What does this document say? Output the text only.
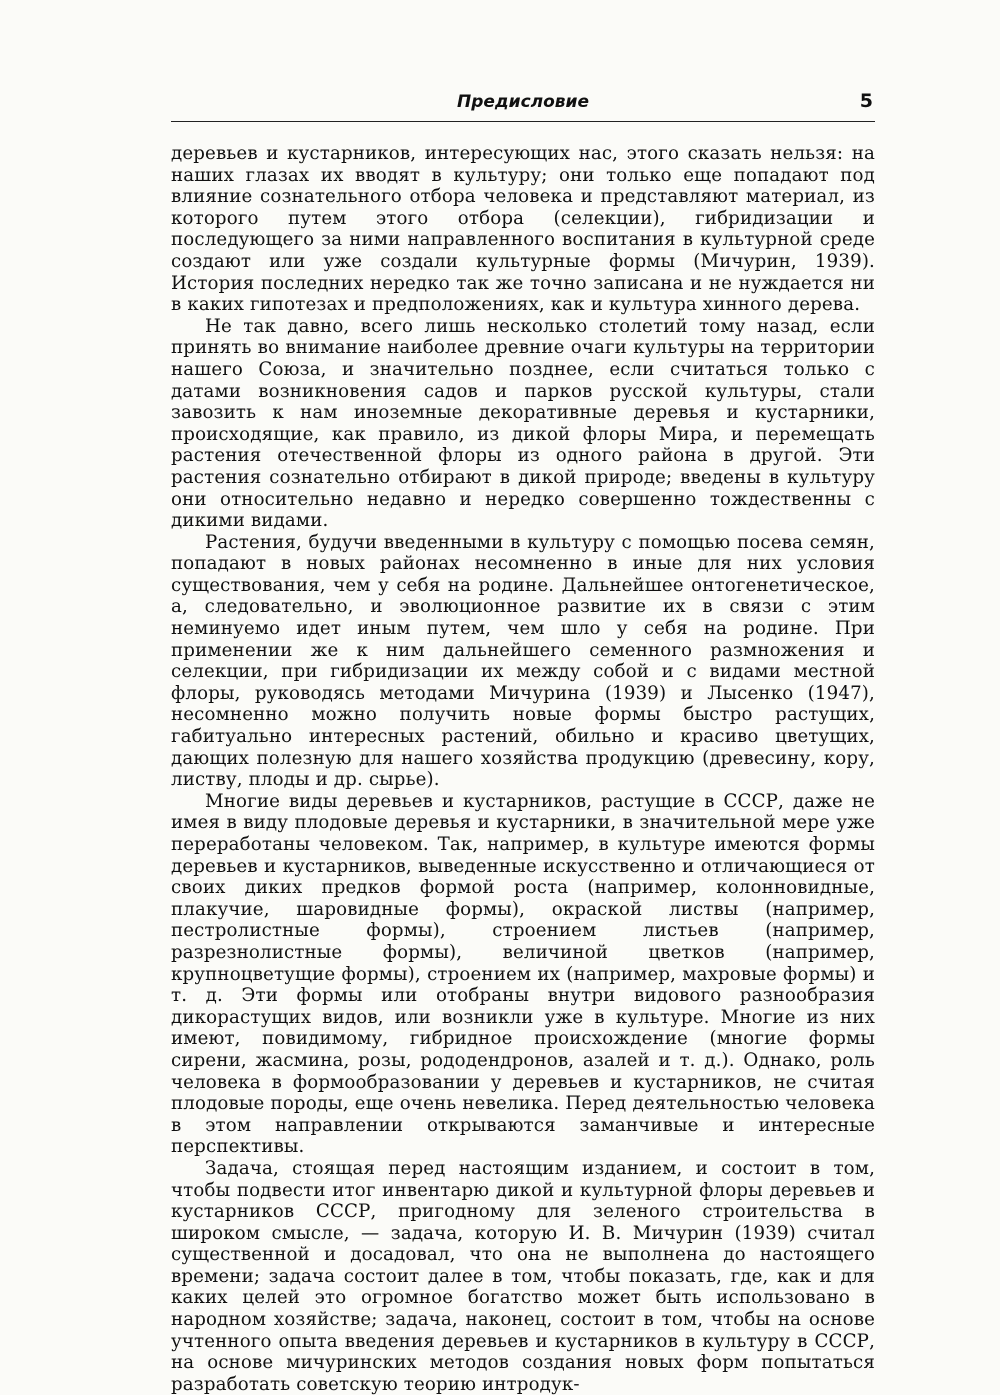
Предисловие	5

деревьев и кустарников, интересующих нас, этого сказать нельзя: на наших глазах их вводят в культуру; они только еще попадают под влияние сознательного отбора человека и представляют материал, из которого путем этого отбора (селекции), гибридизации и последующего за ними направленного воспитания в культурной среде создают или уже создали культурные формы (Мичурин, 1939). История последних нередко так же точно записана и не нуждается ни в каких гипотезах и предположениях, как и культура хинного дерева.

Не так давно, всего лишь несколько столетий тому назад, если принять во внимание наиболее древние очаги культуры на территории нашего Союза, и значительно позднее, если считаться только с датами возникновения садов и парков русской культуры, стали завозить к нам иноземные декоративные деревья и кустарники, происходящие, как правило, из дикой флоры Мира, и перемещать растения отечественной флоры из одного района в другой. Эти растения сознательно отбирают в дикой природе; введены в культуру они относительно недавно и нередко совершенно тождественны с дикими видами.

Растения, будучи введенными в культуру с помощью посева семян, попадают в новых районах несомненно в иные для них условия существования, чем у себя на родине. Дальнейшее онтогенетическое, а, следовательно, и эволюционное развитие их в связи с этим неминуемо идет иным путем, чем шло у себя на родине. При применении же к ним дальнейшего семенного размножения и селекции, при гибридизации их между собой и с видами местной флоры, руководясь методами Мичурина (1939) и Лысенко (1947), несомненно можно получить новые формы быстро растущих, габитуально интересных растений, обильно и красиво цветущих, дающих полезную для нашего хозяйства продукцию (древесину, кору, листву, плоды и др. сырье).

Многие виды деревьев и кустарников, растущие в СССР, даже не имея в виду плодовые деревья и кустарники, в значительной мере уже переработаны человеком. Так, например, в культуре имеются формы деревьев и кустарников, выведенные искусственно и отличающиеся от своих диких предков формой роста (например, колонновидные, плакучие, шаровидные формы), окраской листвы (например, пестролистные формы), строением листьев (например, разрезнолистные формы), величиной цветков (например, крупноцветущие формы), строением их (например, махровые формы) и т. д. Эти формы или отобраны внутри видового разнообразия дикорастущих видов, или возникли уже в культуре. Многие из них имеют, повидимому, гибридное происхождение (многие формы сирени, жасмина, розы, рододендронов, азалей и т. д.). Однако, роль человека в формообразовании у деревьев и кустарников, не считая плодовые породы, еще очень невелика. Перед деятельностью человека в этом направлении открываются заманчивые и интересные перспективы.

Задача, стоящая перед настоящим изданием, и состоит в том, чтобы подвести итог инвентарю дикой и культурной флоры деревьев и кустарников СССР, пригодному для зеленого строительства в широком смысле, — задача, которую И. В. Мичурин (1939) считал существенной и досадовал, что она не выполнена до настоящего времени; задача состоит далее в том, чтобы показать, где, как и для каких целей это огромное богатство может быть использовано в народном хозяйстве; задача, наконец, состоит в том, чтобы на основе учтенного опыта введения деревьев и кустарников в культуру в СССР, на основе мичуринских методов создания новых форм попытаться разработать советскую теорию интродук-
